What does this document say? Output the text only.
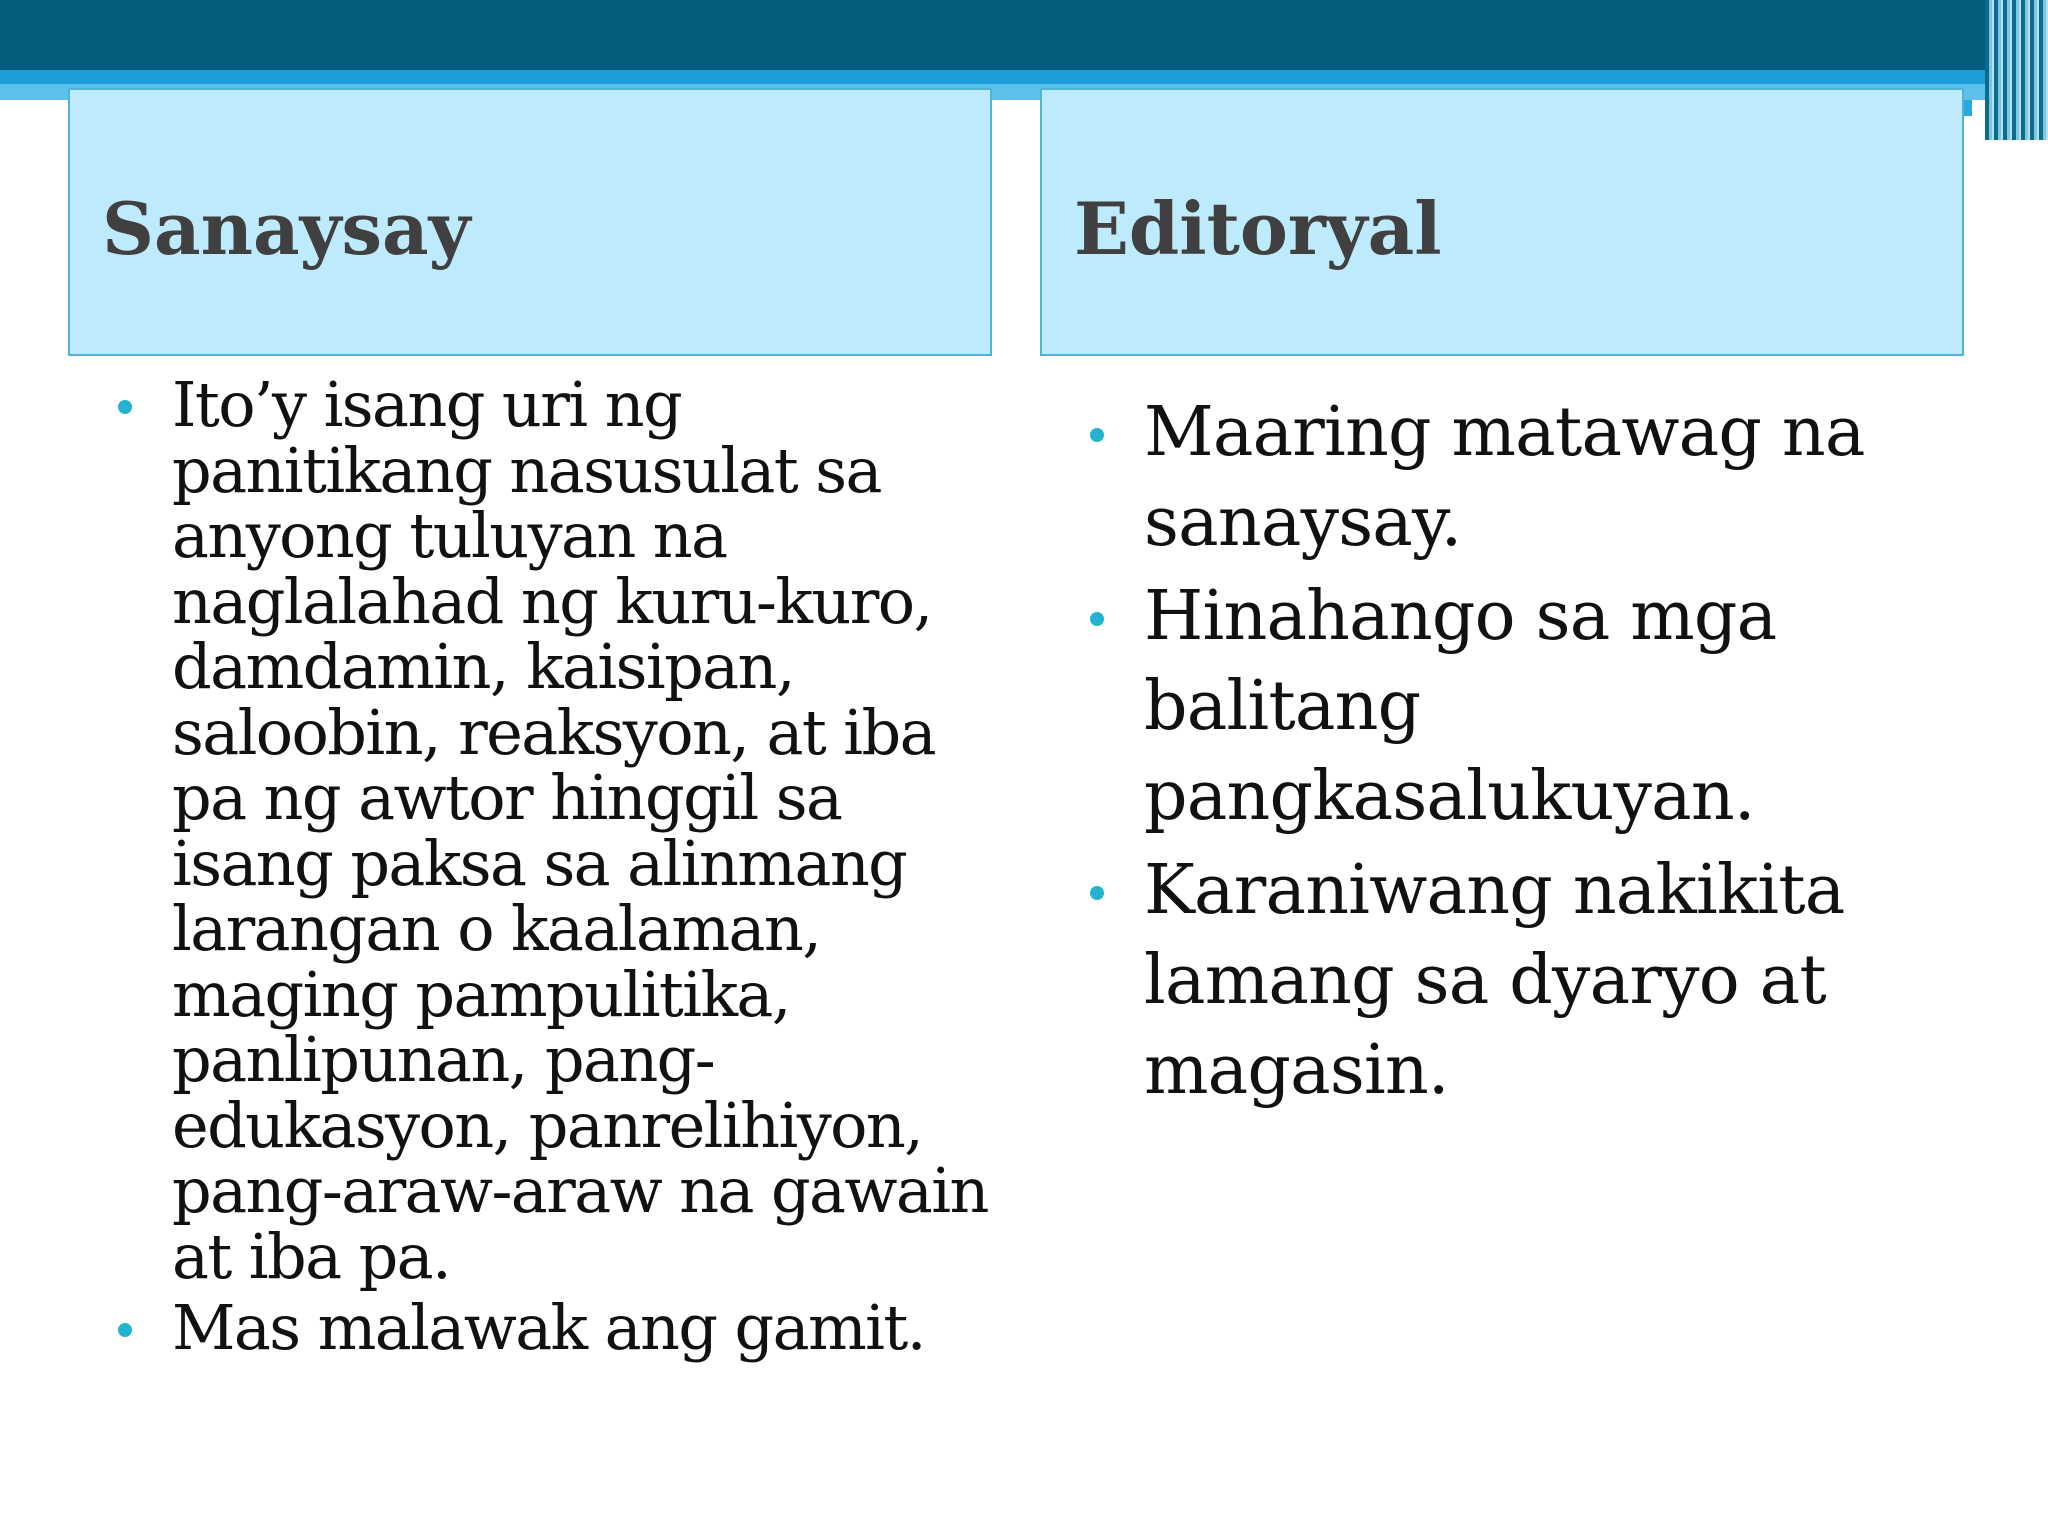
Sanaysay	Editoryal
Ito’y isang uri ng panitikang nasusulat sa anyong tuluyan na naglalahad ng kuru-kuro, damdamin, kaisipan, saloobin, reaksyon, at iba pa ng awtor hinggil sa isang paksa sa alinmang larangan o kaalaman, maging pampulitika, panlipunan, pang-edukasyon, panrelihiyon, pang-araw-araw na gawain at iba pa.
Mas malawak ang gamit.
Maaring matawag na sanaysay.
Hinahango sa mga balitang pangkasalukuyan.
Karaniwang nakikita lamang sa dyaryo at magasin.
